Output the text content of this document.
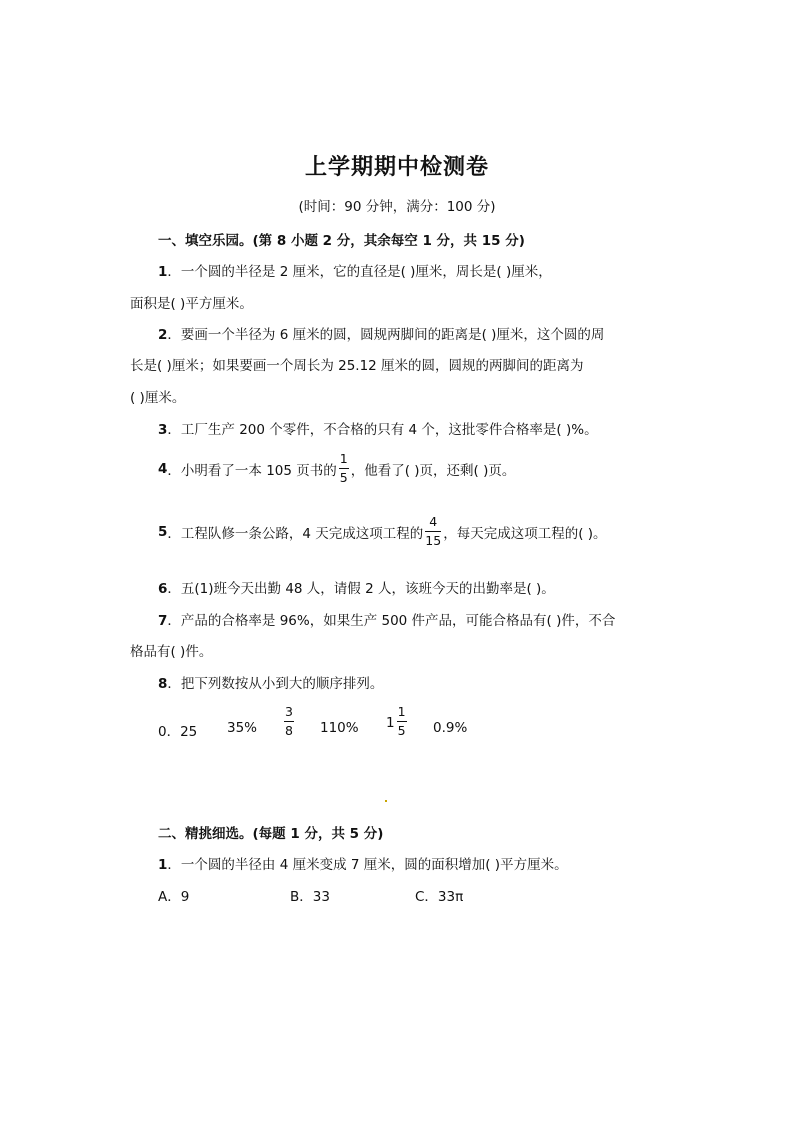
上学期期中检测卷
(时间：90 分钟，满分：100 分)
一、填空乐园。(第 8 小题 2 分，其余每空 1 分，共 15 分)
1．一个圆的半径是 2 厘米，它的直径是( )厘米，周长是( )厘米，
面积是( )平方厘米。
2．要画一个半径为 6 厘米的圆，圆规两脚间的距离是( )厘米，这个圆的周
长是( )厘米；如果要画一个周长为 25.12 厘米的圆，圆规的两脚间的距离为
( )厘米。
3．工厂生产 200 个零件，不合格的只有 4 个，这批零件合格率是( )%。
4 ．小明看了一本 105 页书的 $\frac{1}{5}$ ，他看了( )页，还剩( )页。
5 ．工程队修一条公路，4 天完成这项工程的 $\frac{4}{15}$ ，每天完成这项工程的( )。
6．五(1)班今天出勤 48 人，请假 2 人，该班今天的出勤率是( )。
7．产品的合格率是 96%，如果生产 500 件产品，可能合格品有( )件，不合
格品有( )件。
8．把下列数按从小到大的顺序排列。
0．25 $35\% \frac{3}{8} 110\%$ $1 \frac{1}{5} 0.9\%$
二、精挑细选。(每题 1 分，共 5 分)
1．一个圆的半径由 4 厘米变成 7 厘米，圆的面积增加( )平方厘米。
A．9	B．33	C．33π
